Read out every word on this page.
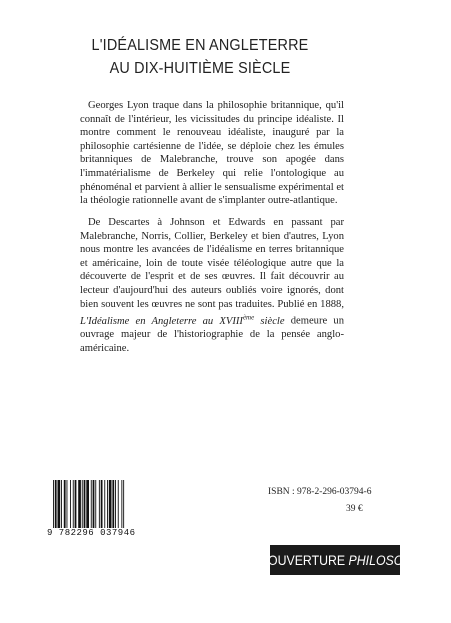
L'IDÉALISME EN ANGLETERRE
AU DIX-HUITIÈME SIÈCLE
Georges Lyon traque dans la philosophie britannique, qu'il connaît de l'intérieur, les vicissitudes du principe idéaliste. Il montre comment le renouveau idéaliste, inauguré par la philosophie cartésienne de l'idée, se déploie chez les émules britanniques de Malebranche, trouve son apogée dans l'immatérialisme de Berkeley qui relie l'ontologique au phénoménal et parvient à allier le sensualisme expérimental et la théologie rationnelle avant de s'implanter outre-atlantique.
De Descartes à Johnson et Edwards en passant par Malebranche, Norris, Collier, Berkeley et bien d'autres, Lyon nous montre les avancées de l'idéalisme en terres britannique et américaine, loin de toute visée téléologique autre que la découverte de l'esprit et de ses œuvres. Il fait découvrir au lecteur d'aujourd'hui des auteurs oubliés voire ignorés, dont bien souvent les œuvres ne sont pas traduites. Publié en 1888, L'Idéalisme en Angleterre au XVIIIème siècle demeure un ouvrage majeur de l'historiographie de la pensée anglo-américaine.
9 782296 037946
ISBN : 978-2-296-03794-6
39 €
OUVERTURE PHILOSOPHIQUE
